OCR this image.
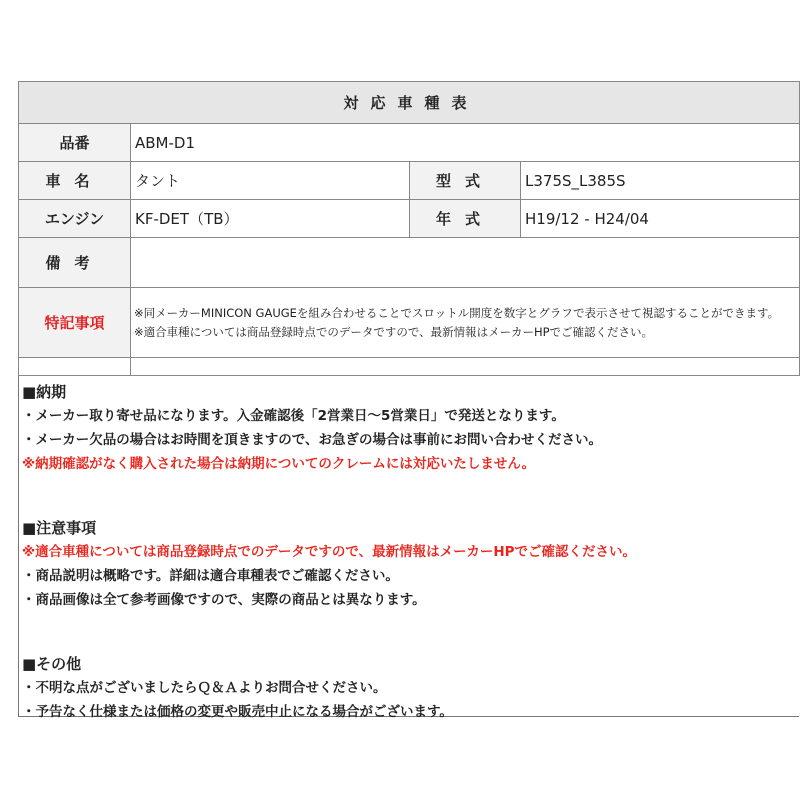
対応車種表			
品番	ABM-D1		
車名	タント	型式	L375S_L385S
エンジン	KF-DET（TB）	年式	H19/12 - H24/04
備考			
特記事項	※同メーカーMINICON GAUGEを組み合わせることでスロットル開度を数字とグラフで表示させて視認することができます。
※適合車種については商品登録時点でのデータですので、最新情報はメーカーHPでご確認ください。		

■納期

・メーカー取り寄せ品になります。入金確認後「2営業日～5営業日」で発送となります。

・メーカー欠品の場合はお時間を頂きますので、お急ぎの場合は事前にお問い合わせください。

※納期確認がなく購入された場合は納期についてのクレームには対応いたしません。

■注意事項

※適合車種については商品登録時点でのデータですので、最新情報はメーカーHPでご確認ください。

・商品説明は概略です。詳細は適合車種表でご確認ください。

・商品画像は全て参考画像ですので、実際の商品とは異なります。

■その他

・不明な点がございましたらＱ＆Ａよりお問合せください。

・予告なく仕様または価格の変更や販売中止になる場合がございます。
